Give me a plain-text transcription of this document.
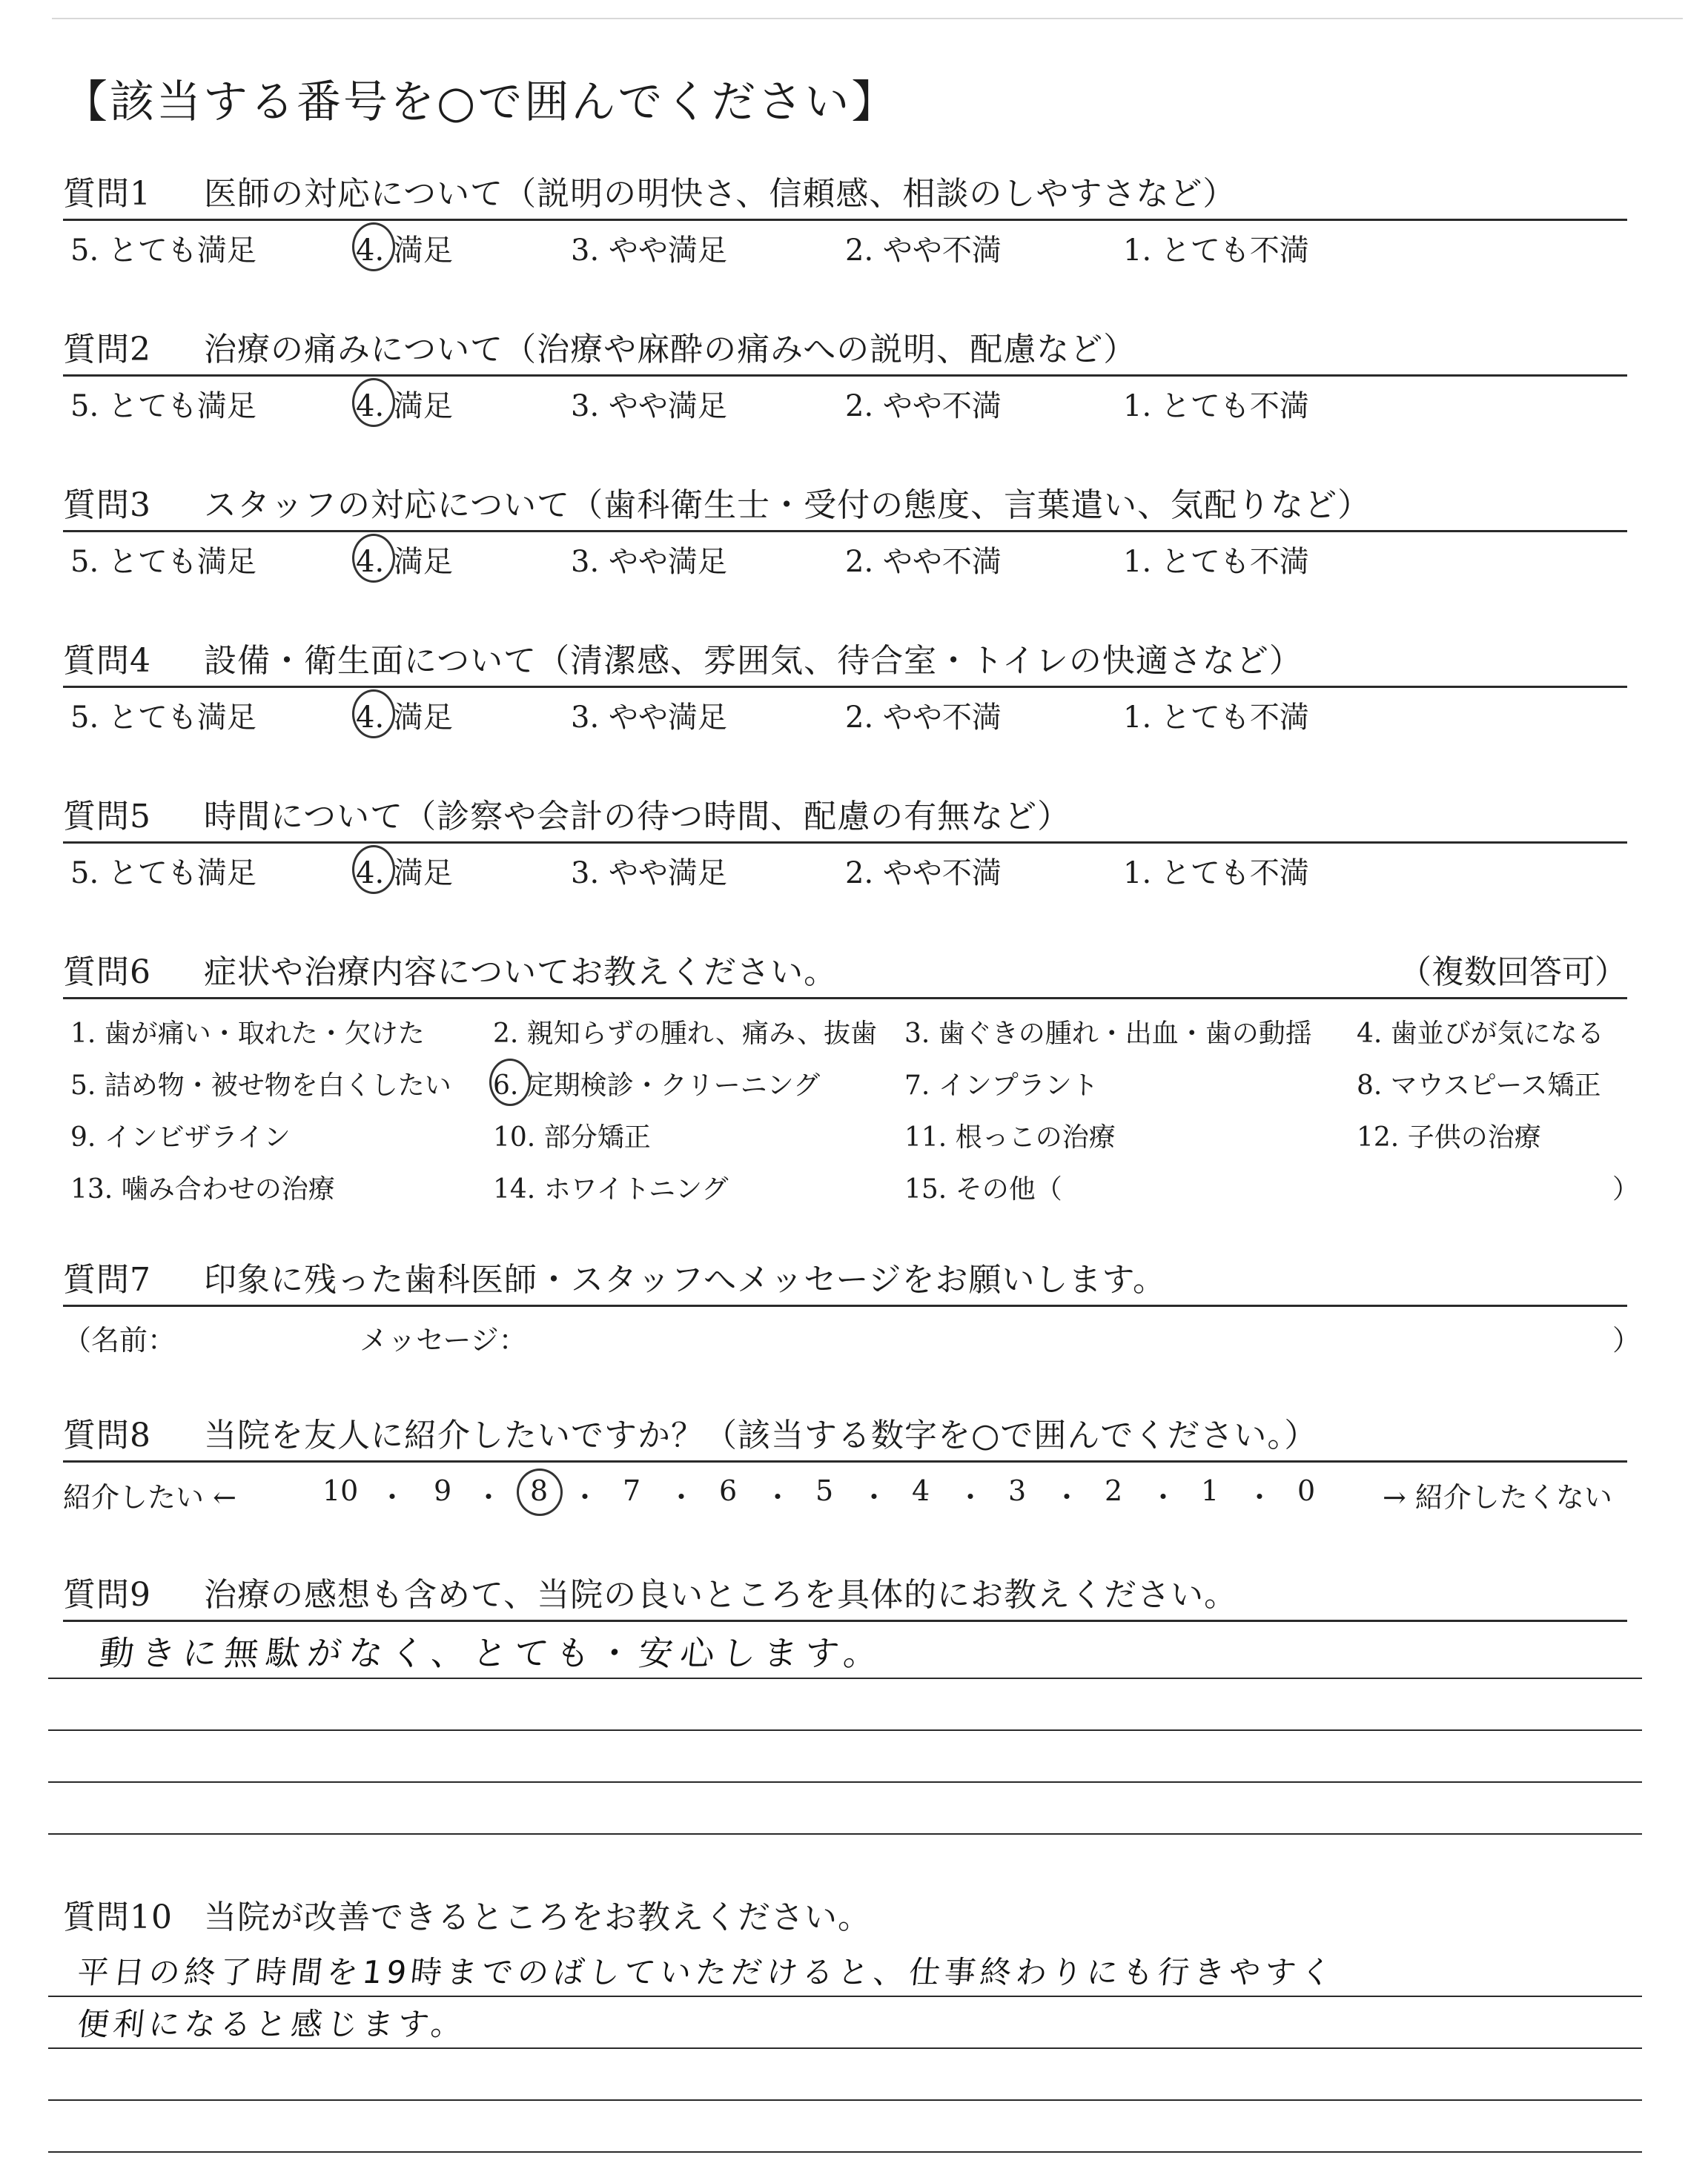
【該当する番号を○で囲んでください】
質問1 医師の対応について（説明の明快さ、信頼感、相談のしやすさなど）
5. とても満足	4. 満足	3. やや満足	2. やや不満	1. とても不満
質問2 治療の痛みについて（治療や麻酔の痛みへの説明、配慮など）
5. とても満足	4. 満足	3. やや満足	2. やや不満	1. とても不満
質問3 スタッフの対応について（歯科衛生士・受付の態度、言葉遣い、気配りなど）
5. とても満足	4. 満足	3. やや満足	2. やや不満	1. とても不満
質問4 設備・衛生面について（清潔感、雰囲気、待合室・トイレの快適さなど）
5. とても満足	4. 満足	3. やや満足	2. やや不満	1. とても不満
質問5 時間について（診察や会計の待つ時間、配慮の有無など）
5. とても満足	4. 満足	3. やや満足	2. やや不満	1. とても不満
質問6 症状や治療内容についてお教えください。	（複数回答可）
1. 歯が痛い・取れた・欠けた	2. 親知らずの腫れ、痛み、抜歯 3. 歯ぐきの腫れ・出血・歯の動揺 4. 歯並びが気になる
5. 詰め物・被せ物を白くしたい 6. 定期検診・クリーニング	7. インプラント	8. マウスピース矯正
9. インビザライン	10. 部分矯正	11. 根っこの治療	12. 子供の治療
13. 噛み合わせの治療	14. ホワイトニング	15. その他（	）
質問7 印象に残った歯科医師・スタッフへメッセージをお願いします。
（名前：	メッセージ：	）
質問8 当院を友人に紹介したいですか？（該当する数字を○で囲んでください。）
紹介したい ←	10 ・ 9 ・ 8 ・ 7 ・ 6 ・ 5 ・ 4 ・ 3 ・ 2 ・ 1 ・ 0 → 紹介したくない
質問9 治療の感想も含めて、当院の良いところを具体的にお教えください。
動きに無駄がなく、とても・安心します。
質問10 当院が改善できるところをお教えください。
平日の終了時間を19時までのばしていただけると、仕事終わりにも行きやすく
便利になると感じます。
